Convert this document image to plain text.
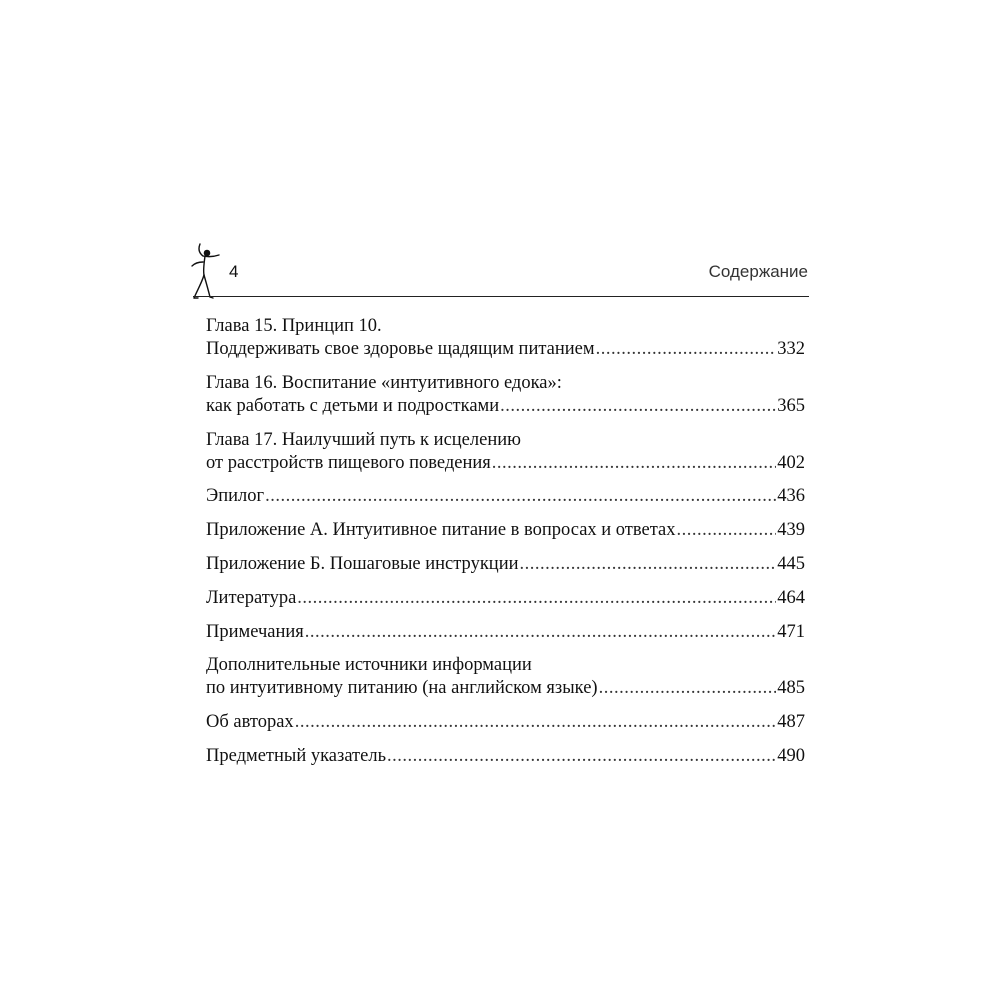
4	Содержание
Глава 15. Принцип 10.
Поддерживать свое здоровье щадящим питанием .....	332
Глава 16. Воспитание «интуитивного едока»:
как работать с детьми и подростками .....	365
Глава 17. Наилучший путь к исцелению
от расстройств пищевого поведения .....	402
Эпилог .....	436
Приложение А. Интуитивное питание в вопросах и ответах .....	439
Приложение Б. Пошаговые инструкции .....	445
Литература .....	464
Примечания .....	471
Дополнительные источники информации
по интуитивному питанию (на английском языке) .....	485
Об авторах .....	487
Предметный указатель .....	490
